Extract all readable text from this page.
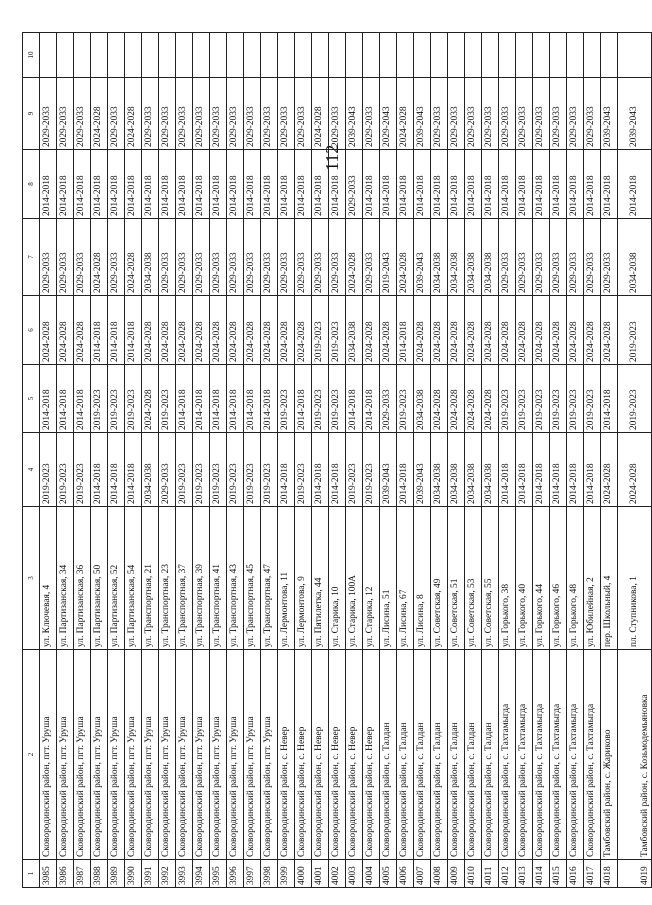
112
1	2	3	4	5	6	7	8	9	10
3985	Сковородинский район, пгт. Уруша	ул. Ключевая, 4	2019-2023	2014-2018	2024-2028	2029-2033	2014-2018	2029-2033	
3986	Сковородинский район, пгт. Уруша	ул. Партизанская, 34	2019-2023	2014-2018	2024-2028	2029-2033	2014-2018	2029-2033	
3987	Сковородинский район, пгт. Уруша	ул. Партизанская, 36	2019-2023	2014-2018	2024-2028	2029-2033	2014-2018	2029-2033	
3988	Сковородинский район, пгт. Уруша	ул. Партизанская, 50	2014-2018	2019-2023	2014-2018	2024-2028	2014-2018	2024-2028	
3989	Сковородинский район, пгт. Уруша	ул. Партизанская, 52	2014-2018	2019-2023	2014-2018	2029-2033	2014-2018	2029-2033	
3990	Сковородинский район, пгт. Уруша	ул. Партизанская, 54	2014-2018	2019-2023	2014-2018	2024-2028	2014-2018	2024-2028	
3991	Сковородинский район, пгт. Уруша	ул. Транспортная, 21	2034-2038	2024-2028	2024-2028	2034-2038	2014-2018	2029-2033	
3992	Сковородинский район, пгт. Уруша	ул. Транспортная, 23	2029-2033	2019-2023	2024-2028	2029-2033	2014-2018	2029-2033	
3993	Сковородинский район, пгт. Уруша	ул. Транспортная, 37	2019-2023	2014-2018	2024-2028	2029-2033	2014-2018	2029-2033	
3994	Сковородинский район, пгт. Уруша	ул. Транспортная, 39	2019-2023	2014-2018	2024-2028	2029-2033	2014-2018	2029-2033	
3995	Сковородинский район, пгт. Уруша	ул. Транспортная, 41	2019-2023	2014-2018	2024-2028	2029-2033	2014-2018	2029-2033	
3996	Сковородинский район, пгт. Уруша	ул. Транспортная, 43	2019-2023	2014-2018	2024-2028	2029-2033	2014-2018	2029-2033	
3997	Сковородинский район, пгт. Уруша	ул. Транспортная, 45	2019-2023	2014-2018	2024-2028	2029-2033	2014-2018	2029-2033	
3998	Сковородинский район, пгт. Уруша	ул. Транспортная, 47	2019-2023	2014-2018	2024-2028	2029-2033	2014-2018	2029-2033	
3999	Сковородинский район, с. Невер	ул. Лермонтова, 11	2014-2018	2019-2023	2024-2028	2029-2033	2014-2018	2029-2033	
4000	Сковородинский район, с. Невер	ул. Лермонтова, 9	2019-2023	2014-2018	2024-2028	2029-2033	2014-2018	2029-2033	
4001	Сковородинский район, с. Невер	ул. Пятилетка, 44	2014-2018	2019-2023	2019-2023	2029-2033	2014-2018	2024-2028	
4002	Сковородинский район, с. Невер	ул. Старика, 10	2014-2018	2019-2023	2019-2023	2029-2033	2014-2018	2029-2033	
4003	Сковородинский район, с. Невер	ул. Старика, 100А	2019-2023	2014-2018	2034-2038	2024-2028	2029-2033	2039-2043	
4004	Сковородинский район, с. Невер	ул. Старика, 12	2019-2023	2014-2018	2024-2028	2029-2033	2014-2018	2029-2033	
4005	Сковородинский район, с. Талдан	ул. Лисина, 51	2039-2043	2029-2033	2024-2028	2019-2043	2014-2018	2029-2043	
4006	Сковородинский район, с. Талдан	ул. Лисина, 67	2014-2018	2019-2023	2014-2018	2024-2028	2014-2018	2024-2028	
4007	Сковородинский район, с. Талдан	ул. Лисина, 8	2039-2043	2034-2038	2024-2028	2039-2043	2014-2018	2039-2043	
4008	Сковородинский район, с. Талдан	ул. Советская, 49	2034-2038	2024-2028	2024-2028	2034-2038	2014-2018	2029-2033	
4009	Сковородинский район, с. Талдан	ул. Советская, 51	2034-2038	2024-2028	2024-2028	2034-2038	2014-2018	2029-2033	
4010	Сковородинский район, с. Талдан	ул. Советская, 53	2034-2038	2024-2028	2024-2028	2034-2038	2014-2018	2029-2033	
4011	Сковородинский район, с. Талдан	ул. Советская, 55	2034-2038	2024-2028	2024-2028	2034-2038	2014-2018	2029-2033	
4012	Сковородинский район, с. Тахтамыгда	ул. Горького, 38	2014-2018	2019-2023	2024-2028	2029-2033	2014-2018	2029-2033	
4013	Сковородинский район, с. Тахтамыгда	ул. Горького, 40	2014-2018	2019-2023	2024-2028	2029-2033	2014-2018	2029-2033	
4014	Сковородинский район, с. Тахтамыгда	ул. Горького, 44	2014-2018	2019-2023	2024-2028	2029-2033	2014-2018	2029-2033	
4015	Сковородинский район, с. Тахтамыгда	ул. Горького, 46	2014-2018	2019-2023	2024-2028	2029-2033	2014-2018	2029-2033	
4016	Сковородинский район, с. Тахтамыгда	ул. Горького, 48	2014-2018	2019-2023	2024-2028	2029-2033	2014-2018	2029-2033	
4017	Сковородинский район, с. Тахтамыгда	ул. Юбилейная, 2	2014-2018	2019-2023	2024-2028	2029-2033	2014-2018	2029-2033	
4018	Тамбовский район, с. Жариково	пер. Школьный, 4	2024-2028	2014-2018	2024-2028	2029-2033	2014-2018	2039-2043	
4019	Тамбовский район, с. Козьмодемьяновка	пл. Ступникова, 1	2024-2028	2019-2023	2019-2023	2034-2038	2014-2018	2039-2043	
